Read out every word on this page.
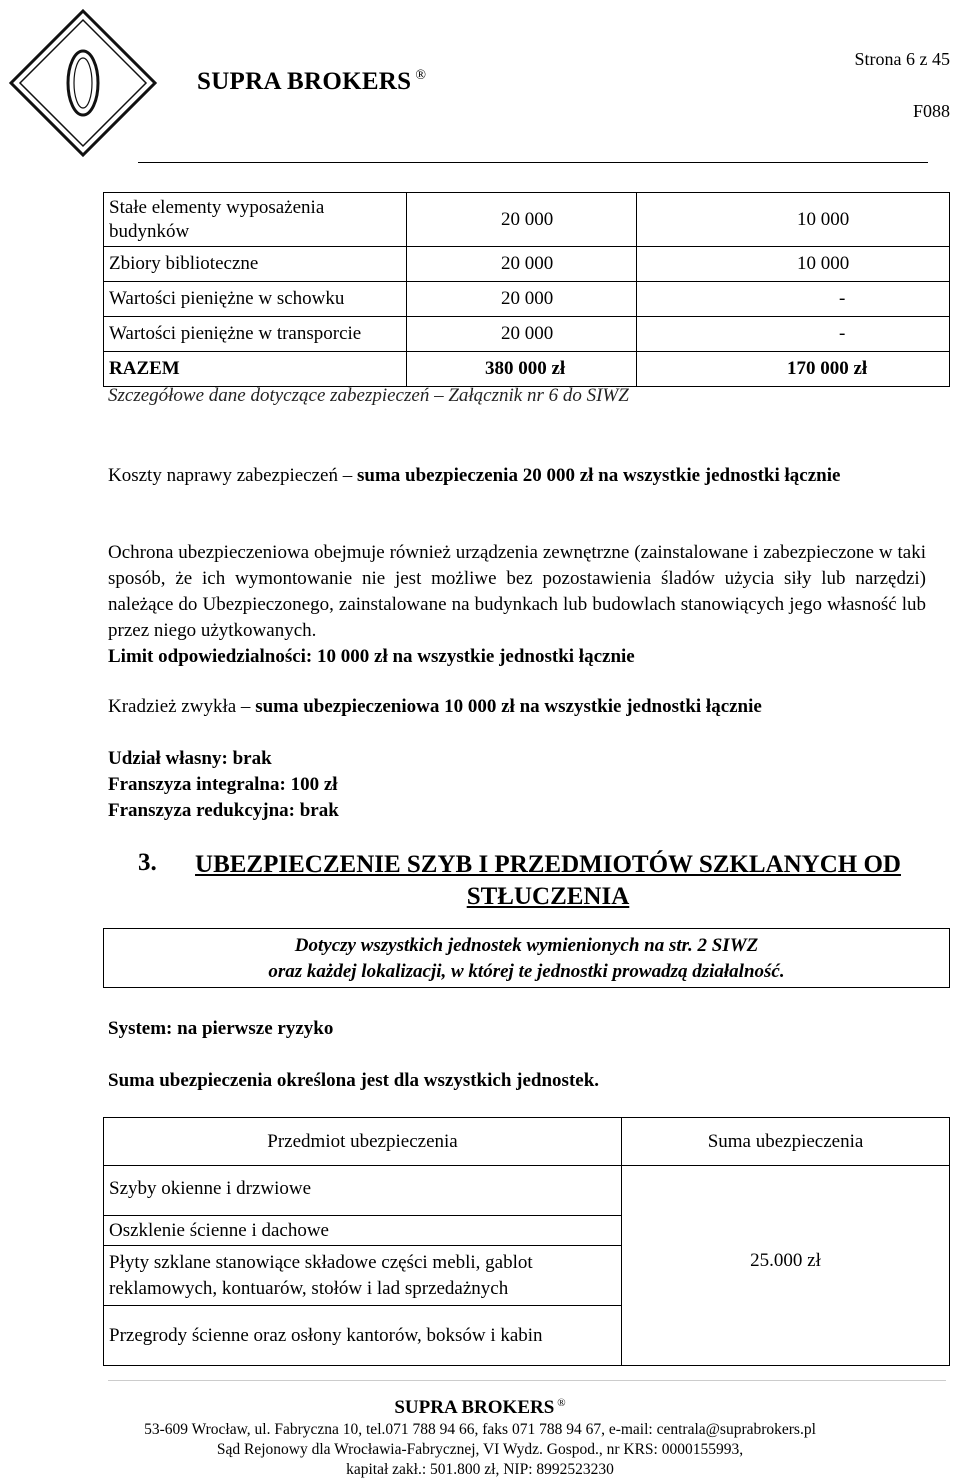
SUPRA BROKERS ®
Strona 6 z 45
F088
Stałe elementy wyposażenia budynków	20 000	10 000
Zbiory biblioteczne	20 000	10 000
Wartości pieniężne w schowku	20 000	-
Wartości pieniężne w transporcie	20 000	-
RAZEM	380 000 zł	170 000 zł
Szczegółowe dane dotyczące zabezpieczeń – Załącznik nr 6 do SIWZ
Koszty naprawy zabezpieczeń – suma ubezpieczenia 20 000 zł na wszystkie jednostki łącznie
Ochrona ubezpieczeniowa obejmuje również urządzenia zewnętrzne (zainstalowane i zabezpieczone w taki sposób, że ich wymontowanie nie jest możliwe bez pozostawienia śladów użycia siły lub narzędzi) należące do Ubezpieczonego, zainstalowane na budynkach lub budowlach stanowiących jego własność lub przez niego użytkowanych.
Limit odpowiedzialności: 10 000 zł na wszystkie jednostki łącznie
Kradzież zwykła – suma ubezpieczeniowa 10 000 zł na wszystkie jednostki łącznie
Udział własny: brak
Franszyza integralna: 100 zł
Franszyza redukcyjna: brak
3.	UBEZPIECZENIE SZYB I PRZEDMIOTÓW SZKLANYCH OD STŁUCZENIA
Dotyczy wszystkich jednostek wymienionych na str. 2 SIWZ
oraz każdej lokalizacji, w której te jednostki prowadzą działalność.
System: na pierwsze ryzyko
Suma ubezpieczenia określona jest dla wszystkich jednostek.
Przedmiot ubezpieczenia	Suma ubezpieczenia
Szyby okienne i drzwiowe	25.000 zł
Oszklenie ścienne i dachowe	
Płyty szklane stanowiące składowe części mebli, gablot reklamowych, kontuarów, stołów i lad sprzedażnych	
Przegrody ścienne oraz osłony kantorów, boksów i kabin	
SUPRA BROKERS ®
53-609 Wrocław, ul. Fabryczna 10, tel.071 788 94 66, faks 071 788 94 67, e-mail: centrala@suprabrokers.pl
Sąd Rejonowy dla Wrocławia-Fabrycznej, VI Wydz. Gospod., nr KRS: 0000155993,
kapitał zakł.: 501.800 zł, NIP: 8992523230
